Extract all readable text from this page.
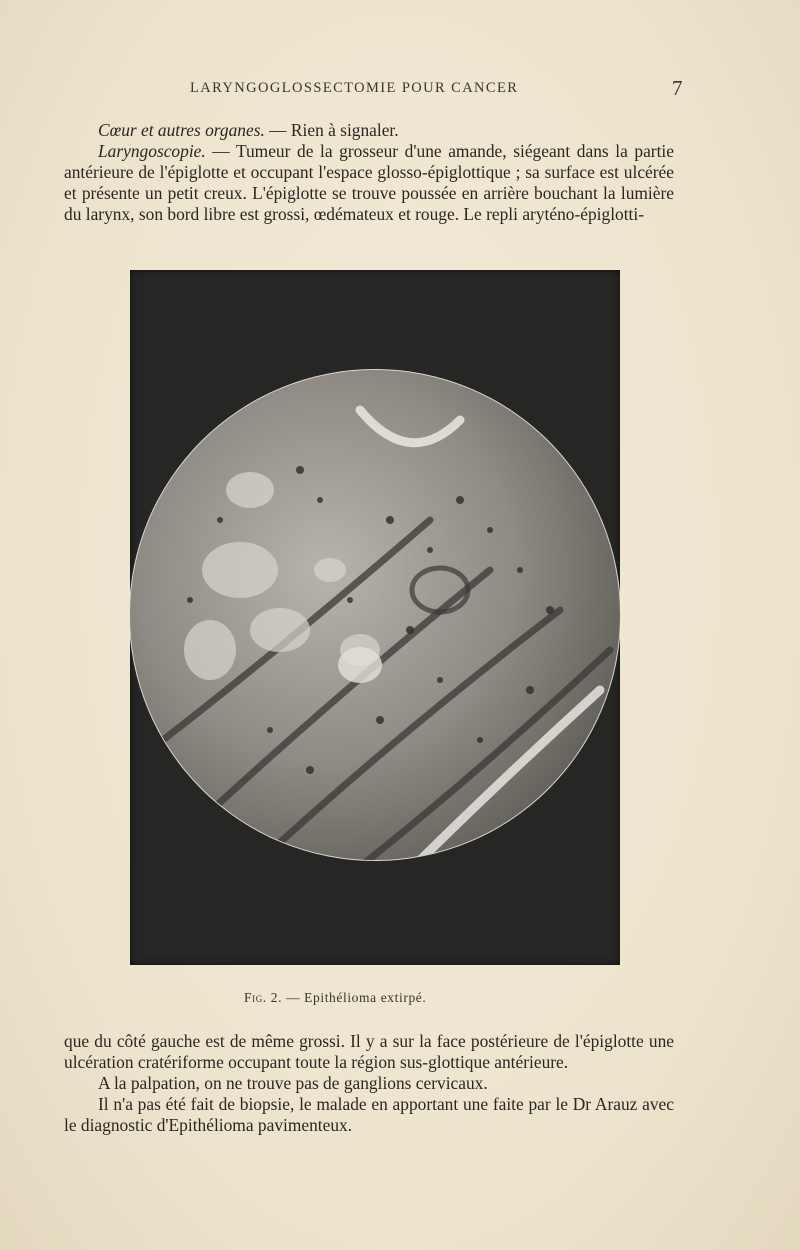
LARYNGOGLOSSECTOMIE POUR CANCER	7

Cœur et autres organes. — Rien à signaler.

Laryngoscopie. — Tumeur de la grosseur d'une amande, siégeant dans la partie antérieure de l'épiglotte et occupant l'espace glosso-épiglottique ; sa surface est ulcérée et présente un petit creux. L'épiglotte se trouve poussée en arrière bouchant la lumière du larynx, son bord libre est grossi, œdémateux et rouge. Le repli aryténo-épiglotti-

Fig. 2. — Epithélioma extirpé.

que du côté gauche est de même grossi. Il y a sur la face postérieure de l'épiglotte une ulcération cratériforme occupant toute la région sus-glottique antérieure.

A la palpation, on ne trouve pas de ganglions cervicaux.

Il n'a pas été fait de biopsie, le malade en apportant une faite par le Dr Arauz avec le diagnostic d'Epithélioma pavimenteux.
